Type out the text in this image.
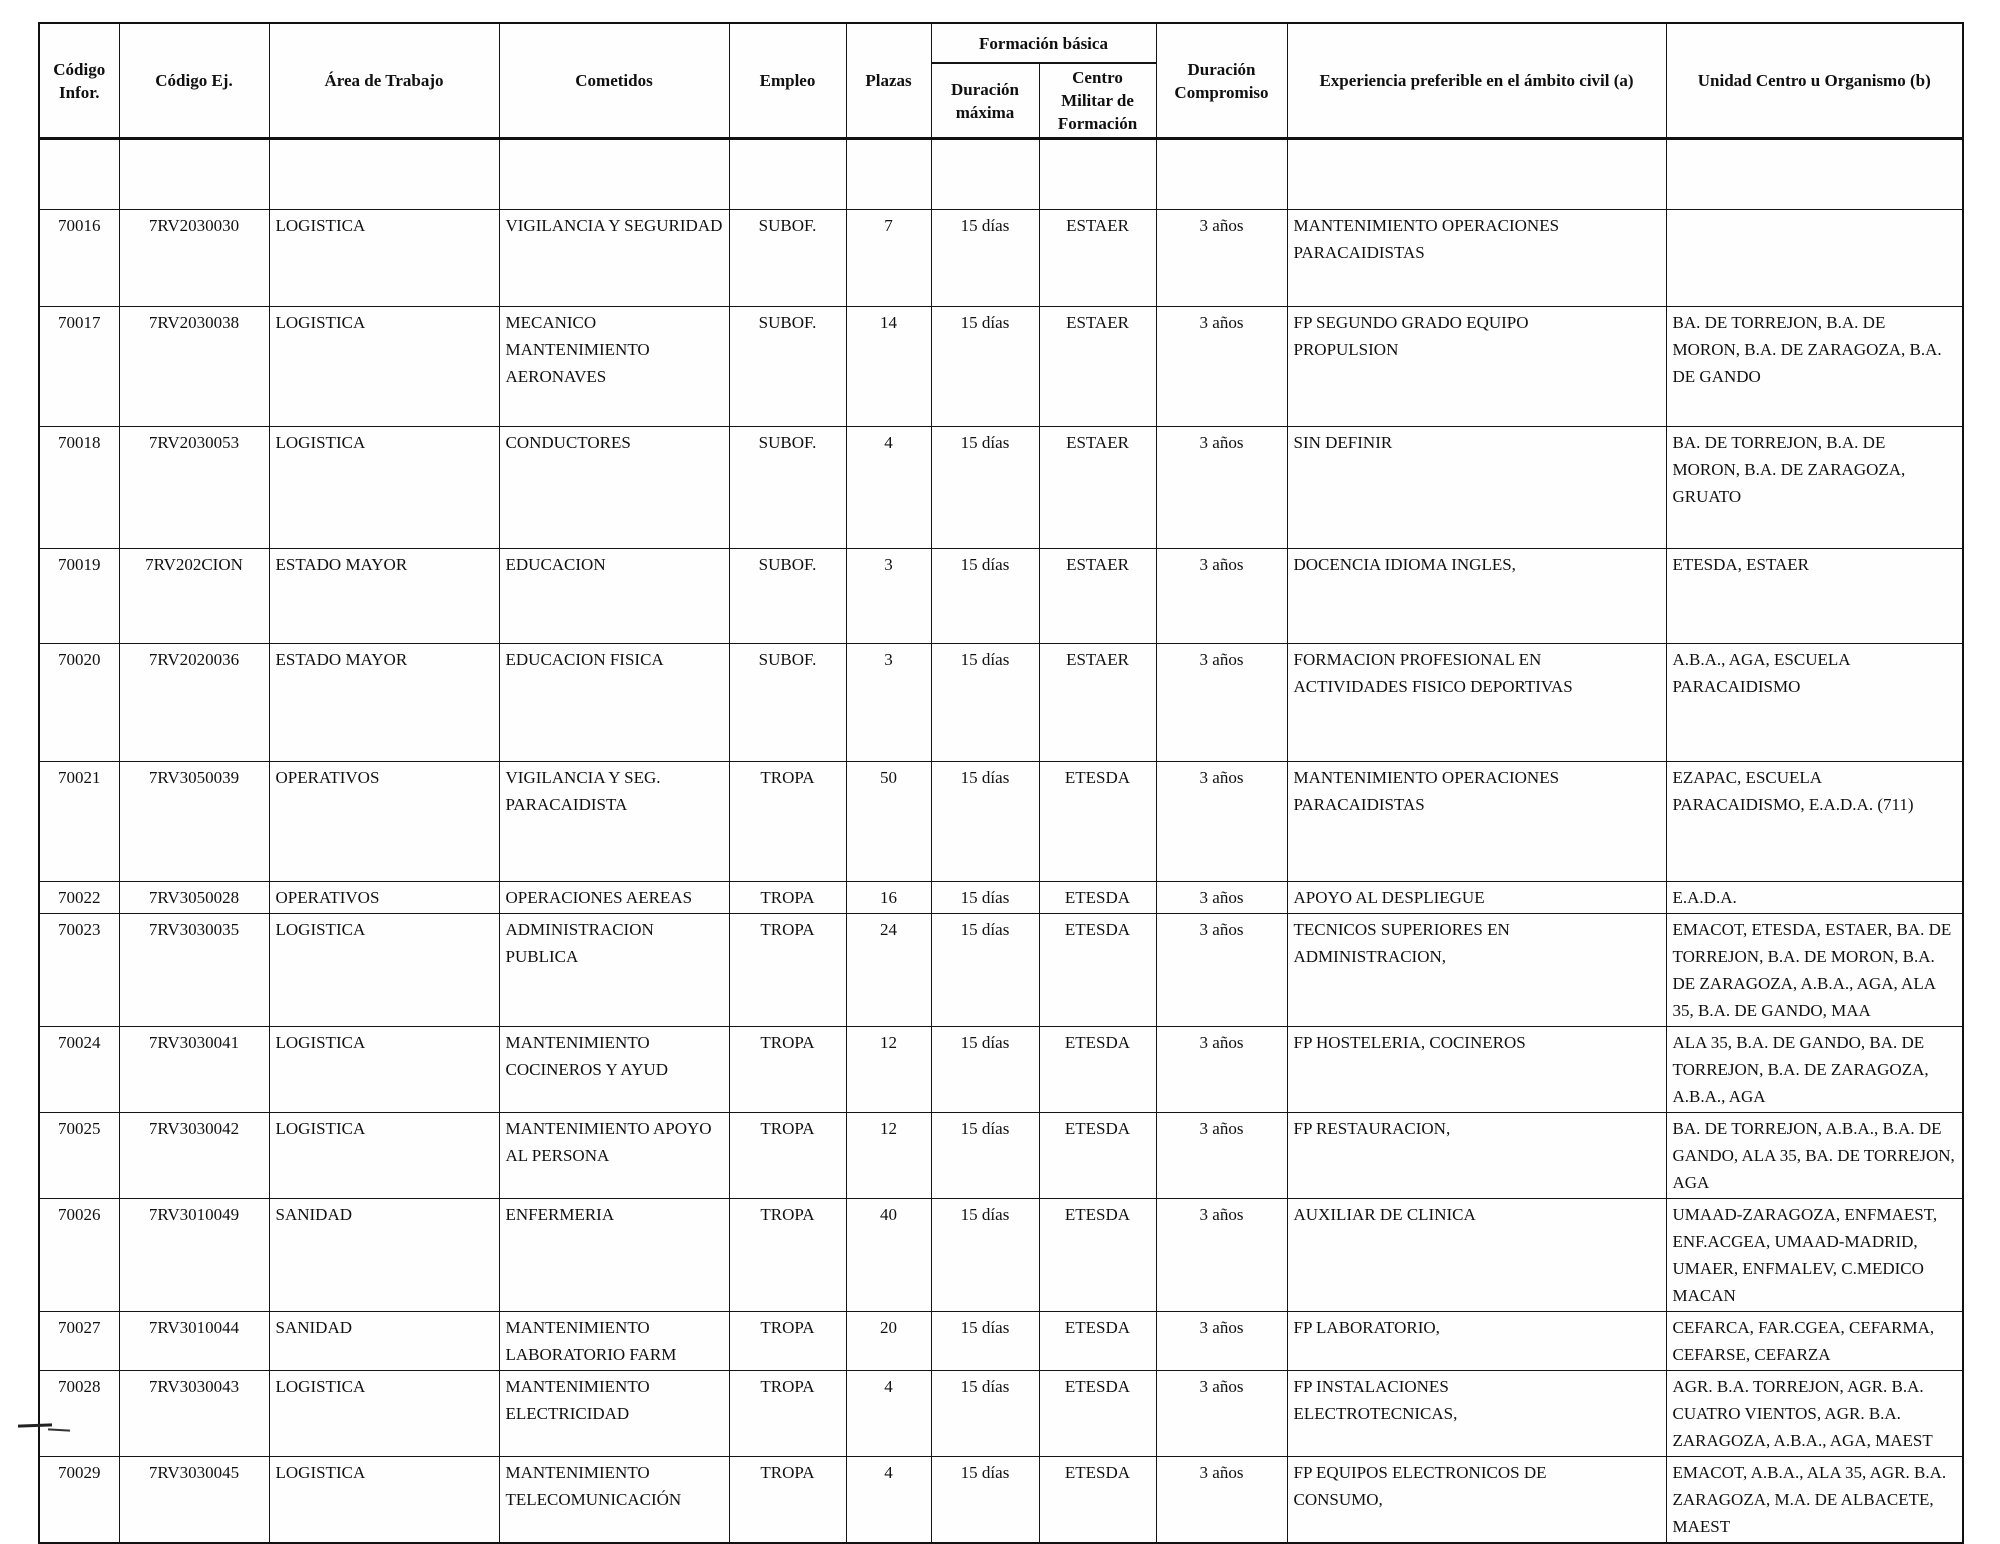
Código Infor.	Código Ej.	Área de Trabajo	Cometidos	Empleo	Plazas	Formación básica		Duración Compromiso	Experiencia preferible en el ámbito civil (a)	Unidad Centro u Organismo (b)
						Duración máxima	Centro Militar de Formación			

70016	7RV2030030	LOGISTICA	VIGILANCIA Y SEGURIDAD	SUBOF.	7	15 días	ESTAER	3 años	MANTENIMIENTO OPERACIONES PARACAIDISTAS	

70017	7RV2030038	LOGISTICA	MECANICO MANTENIMIENTO AERONAVES	SUBOF.	14	15 días	ESTAER	3 años	FP SEGUNDO GRADO EQUIPO PROPULSION	BA. DE TORREJON, B.A. DE MORON, B.A. DE ZARAGOZA, B.A. DE GANDO

70018	7RV2030053	LOGISTICA	CONDUCTORES	SUBOF.	4	15 días	ESTAER	3 años	SIN DEFINIR	BA. DE TORREJON, B.A. DE MORON, B.A. DE ZARAGOZA, GRUATO

70019	7RV202CION	ESTADO MAYOR	EDUCACION	SUBOF.	3	15 días	ESTAER	3 años	DOCENCIA IDIOMA INGLES,	ETESDA, ESTAER

70020	7RV2020036	ESTADO MAYOR	EDUCACION FISICA	SUBOF.	3	15 días	ESTAER	3 años	FORMACION PROFESIONAL EN ACTIVIDADES FISICO DEPORTIVAS	A.B.A., AGA, ESCUELA PARACAIDISMO

70021	7RV3050039	OPERATIVOS	VIGILANCIA Y SEG. PARACAIDISTA	TROPA	50	15 días	ETESDA	3 años	MANTENIMIENTO OPERACIONES PARACAIDISTAS	EZAPAC, ESCUELA PARACAIDISMO, E.A.D.A. (711)

70022	7RV3050028	OPERATIVOS	OPERACIONES AEREAS	TROPA	16	15 días	ETESDA	3 años	APOYO AL DESPLIEGUE	E.A.D.A.

70023	7RV3030035	LOGISTICA	ADMINISTRACION PUBLICA	TROPA	24	15 días	ETESDA	3 años	TECNICOS SUPERIORES EN ADMINISTRACION,	EMACOT, ETESDA, ESTAER, BA. DE TORREJON, B.A. DE MORON, B.A. DE ZARAGOZA, A.B.A., AGA, ALA 35, B.A. DE GANDO, MAA

70024	7RV3030041	LOGISTICA	MANTENIMIENTO COCINEROS Y AYUD	TROPA	12	15 días	ETESDA	3 años	FP HOSTELERIA, COCINEROS	ALA 35, B.A. DE GANDO, BA. DE TORREJON, B.A. DE ZARAGOZA, A.B.A., AGA

70025	7RV3030042	LOGISTICA	MANTENIMIENTO APOYO AL PERSONA	TROPA	12	15 días	ETESDA	3 años	FP RESTAURACION,	BA. DE TORREJON, A.B.A., B.A. DE GANDO, ALA 35, BA. DE TORREJON, AGA

70026	7RV3010049	SANIDAD	ENFERMERIA	TROPA	40	15 días	ETESDA	3 años	AUXILIAR DE CLINICA	UMAAD-ZARAGOZA, ENFMAEST, ENF.ACGEA, UMAAD-MADRID, UMAER, ENFMALEV, C.MEDICO MACAN

70027	7RV3010044	SANIDAD	MANTENIMIENTO LABORATORIO FARM	TROPA	20	15 días	ETESDA	3 años	FP LABORATORIO,	CEFARCA, FAR.CGEA, CEFARMA, CEFARSE, CEFARZA

70028	7RV3030043	LOGISTICA	MANTENIMIENTO ELECTRICIDAD	TROPA	4	15 días	ETESDA	3 años	FP INSTALACIONES ELECTROTECNICAS,	AGR. B.A. TORREJON, AGR. B.A. CUATRO VIENTOS, AGR. B.A. ZARAGOZA, A.B.A., AGA, MAEST

70029	7RV3030045	LOGISTICA	MANTENIMIENTO TELECOMUNICACIÓN	TROPA	4	15 días	ETESDA	3 años	FP EQUIPOS ELECTRONICOS DE CONSUMO,	EMACOT, A.B.A., ALA 35, AGR. B.A. ZARAGOZA, M.A. DE ALBACETE, MAEST
